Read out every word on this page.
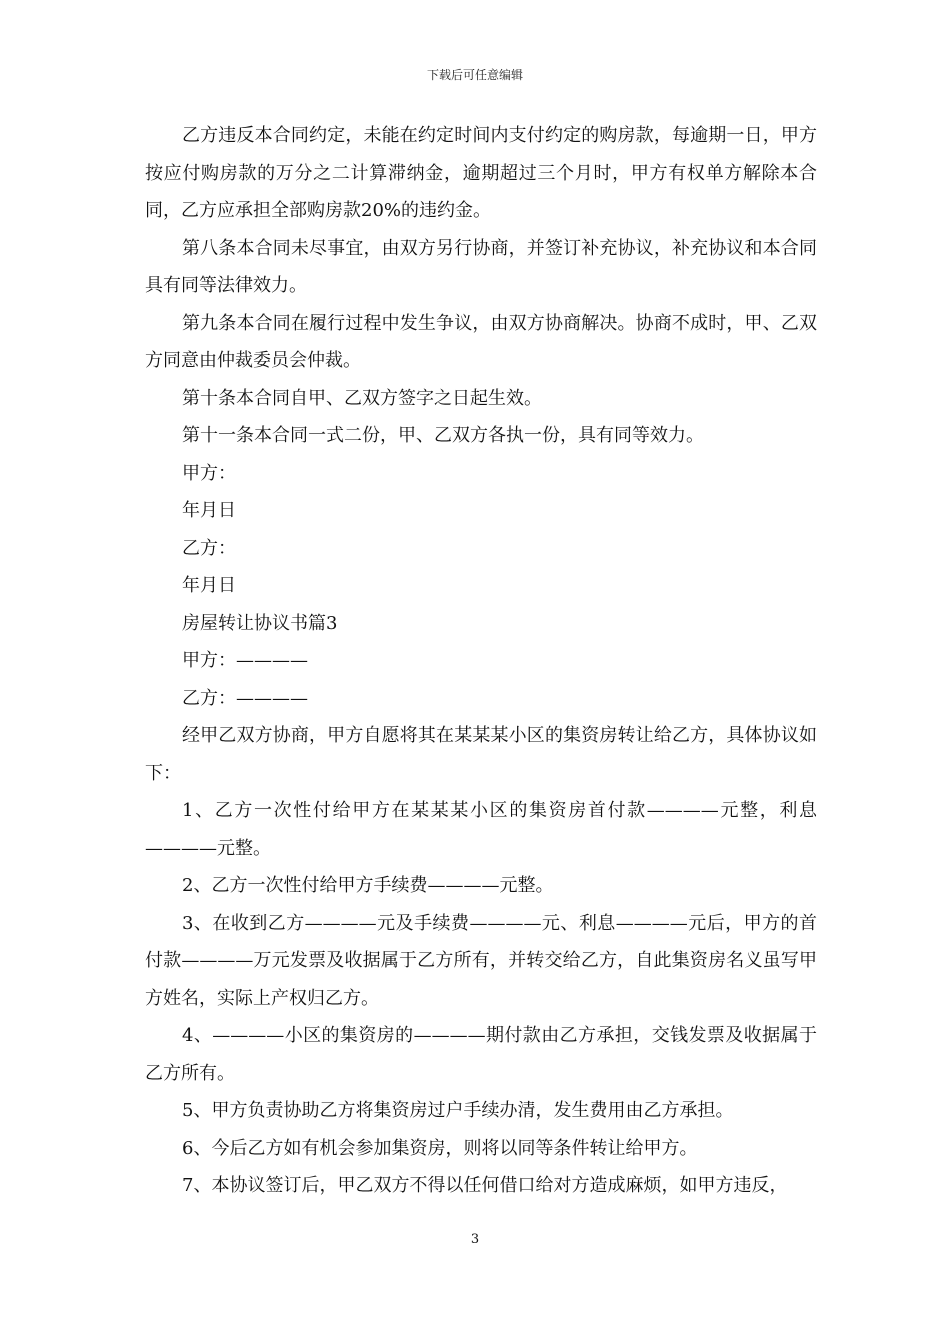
下载后可任意编辑

乙方违反本合同约定，未能在约定时间内支付约定的购房款，每逾期一日，甲方按应付购房款的万分之二计算滞纳金，逾期超过三个月时，甲方有权单方解除本合同，乙方应承担全部购房款20%的违约金。

第八条本合同未尽事宜，由双方另行协商，并签订补充协议，补充协议和本合同具有同等法律效力。

第九条本合同在履行过程中发生争议，由双方协商解决。协商不成时，甲、乙双方同意由仲裁委员会仲裁。

第十条本合同自甲、乙双方签字之日起生效。

第十一条本合同一式二份，甲、乙双方各执一份，具有同等效力。

甲方：

年月日

乙方：

年月日

房屋转让协议书篇3

甲方：————

乙方：————

经甲乙双方协商，甲方自愿将其在某某某小区的集资房转让给乙方，具体协议如下：

1、乙方一次性付给甲方在某某某小区的集资房首付款————元整，利息————元整。

2、乙方一次性付给甲方手续费————元整。

3、在收到乙方————元及手续费————元、利息————元后，甲方的首付款————万元发票及收据属于乙方所有，并转交给乙方，自此集资房名义虽写甲方姓名，实际上产权归乙方。

4、————小区的集资房的————期付款由乙方承担，交钱发票及收据属于乙方所有。

5、甲方负责协助乙方将集资房过户手续办清，发生费用由乙方承担。

6、今后乙方如有机会参加集资房，则将以同等条件转让给甲方。

7、本协议签订后，甲乙双方不得以任何借口给对方造成麻烦，如甲方违反，

3
